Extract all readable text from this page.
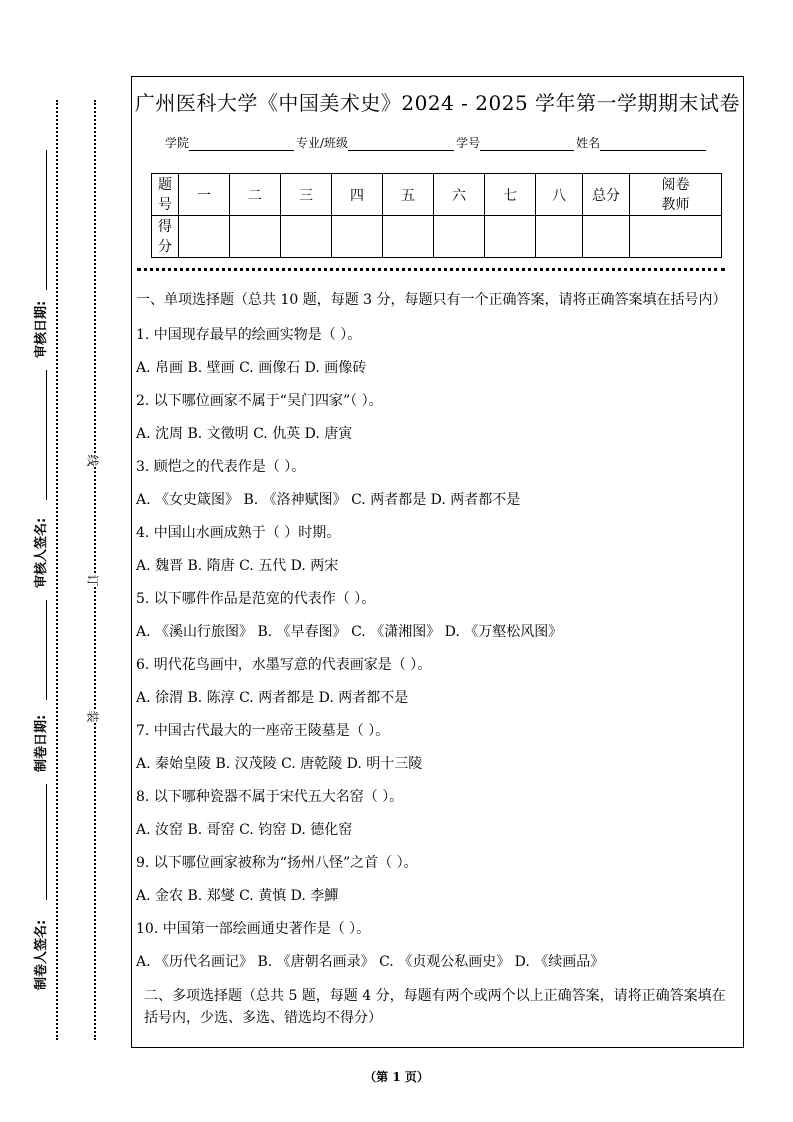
审核日期:
审核人签名:
制卷日期:
制卷人签名:
线
订
装
广州医科大学《中国美术史》2024 - 2025 学年第一学期期末试卷
学院	专业/班级	学号	姓名
题号	一	二	三	四	五	六	七	八	总分	阅卷教师
得分										
一、单项选择题（总共 10 题，每题 3 分，每题只有一个正确答案，请将正确答案填在括号内）
1. 中国现存最早的绘画实物是（ ）。
A. 帛画 B. 壁画 C. 画像石 D. 画像砖
2. 以下哪位画家不属于“吴门四家”（ ）。
A. 沈周 B. 文徵明 C. 仇英 D. 唐寅
3. 顾恺之的代表作是（ ）。
A. 《女史箴图》 B. 《洛神赋图》 C. 两者都是 D. 两者都不是
4. 中国山水画成熟于（ ）时期。
A. 魏晋 B. 隋唐 C. 五代 D. 两宋
5. 以下哪件作品是范宽的代表作（ ）。
A. 《溪山行旅图》 B. 《早春图》 C. 《潇湘图》 D. 《万壑松风图》
6. 明代花鸟画中，水墨写意的代表画家是（ ）。
A. 徐渭 B. 陈淳 C. 两者都是 D. 两者都不是
7. 中国古代最大的一座帝王陵墓是（ ）。
A. 秦始皇陵 B. 汉茂陵 C. 唐乾陵 D. 明十三陵
8. 以下哪种瓷器不属于宋代五大名窑（ ）。
A. 汝窑 B. 哥窑 C. 钧窑 D. 德化窑
9. 以下哪位画家被称为“扬州八怪”之首（ ）。
A. 金农 B. 郑燮 C. 黄慎 D. 李鱓
10. 中国第一部绘画通史著作是（ ）。
A. 《历代名画记》 B. 《唐朝名画录》 C. 《贞观公私画史》 D. 《续画品》
二、多项选择题（总共 5 题，每题 4 分，每题有两个或两个以上正确答案，请将正确答案填在括号内，少选、多选、错选均不得分）
（第 1 页）
